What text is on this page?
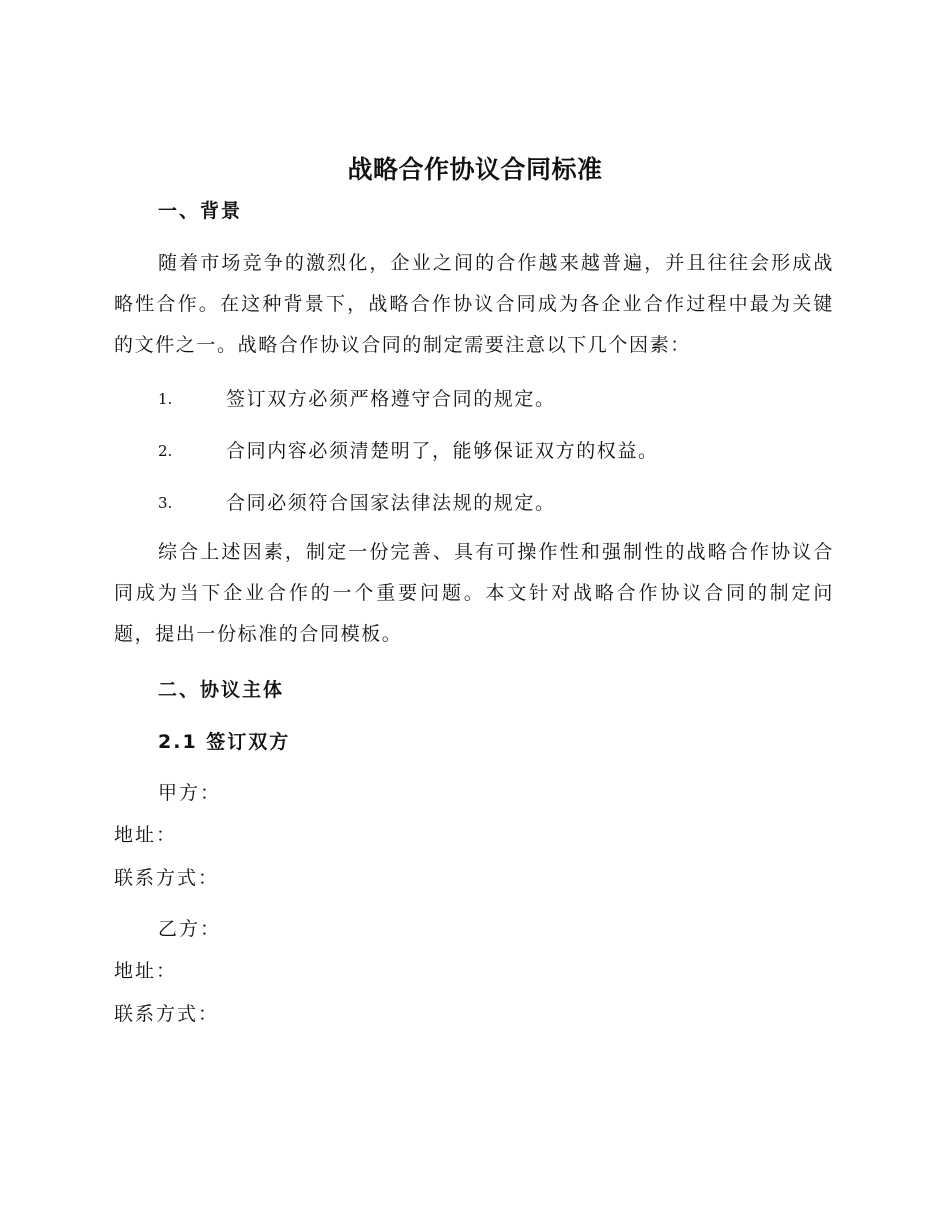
战略合作协议合同标准
一、背景
随着市场竞争的激烈化，企业之间的合作越来越普遍，并且往往会形成战略性合作。在这种背景下，战略合作协议合同成为各企业合作过程中最为关键的文件之一。战略合作协议合同的制定需要注意以下几个因素：
1.	签订双方必须严格遵守合同的规定。
2.	合同内容必须清楚明了，能够保证双方的权益。
3.	合同必须符合国家法律法规的规定。
综合上述因素，制定一份完善、具有可操作性和强制性的战略合作协议合同成为当下企业合作的一个重要问题。本文针对战略合作协议合同的制定问题，提出一份标准的合同模板。
二、协议主体
2.1 签订双方
甲方：
地址：
联系方式：
乙方：
地址：
联系方式：
